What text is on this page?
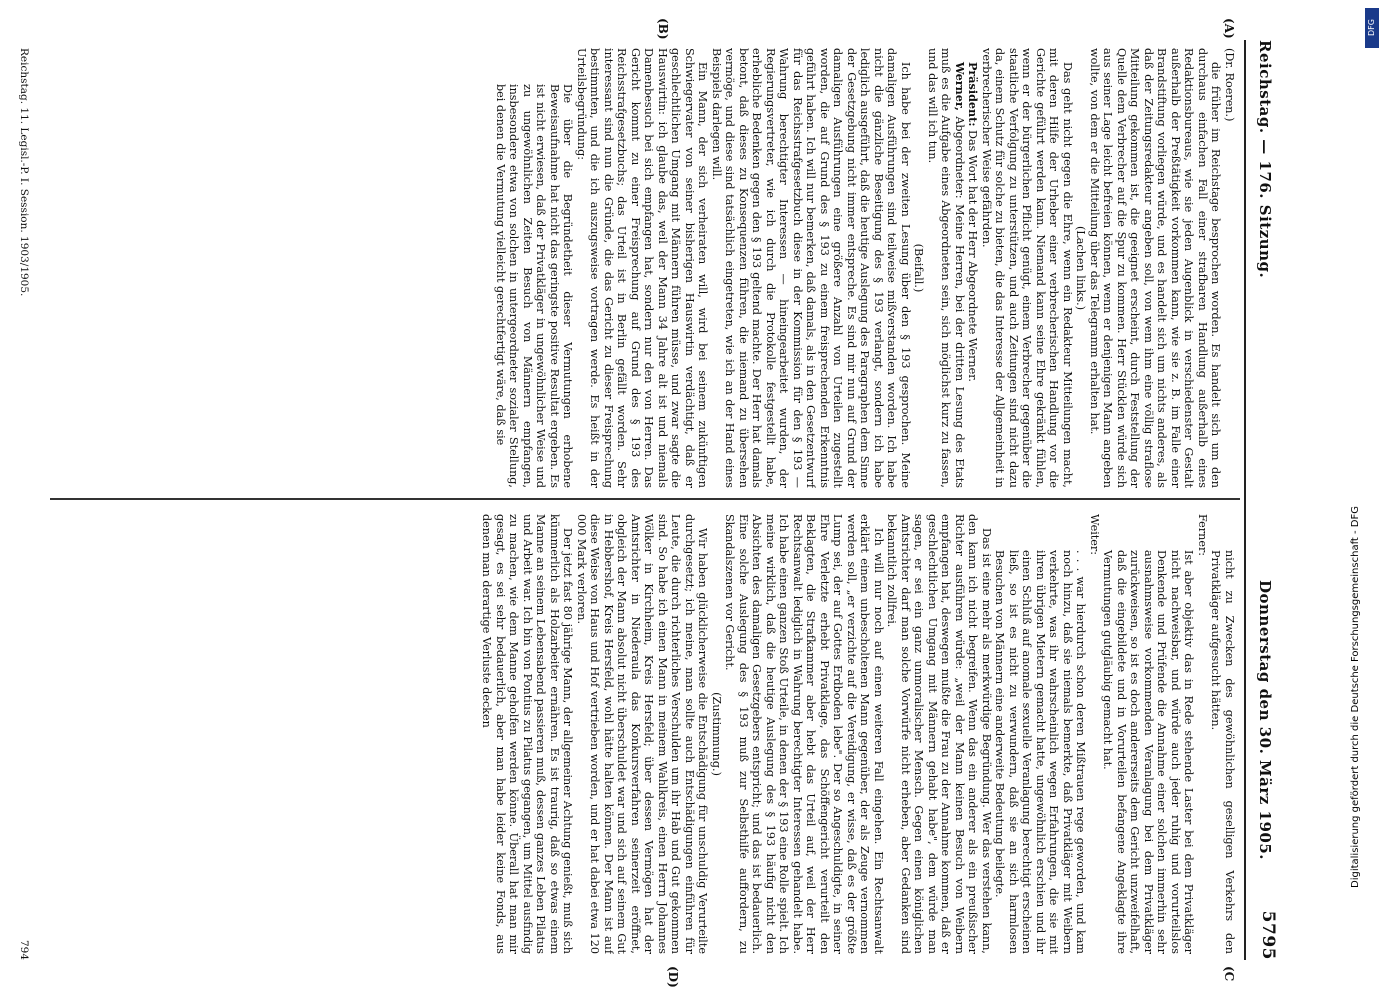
Reichstag. — 176. Sitzung.
Donnerstag den 30. März 1905.
5795
(A)
(B)
(C
(D)

(Dr. Roeren.)

die früher im Reichstage besprochen worden. Es handelt sich um den durchaus einfachen Fall einer strafbaren Handlung außerhalb eines Redaktionsbureaus, wie sie jeden Augenblick in verschiedenster Gestalt außerhalb der Preßtätigkeit vorkommen kann, wie sie z. B. im Falle einer Brandstiftung vorliegen würde, und es handelt sich um nichts anderes, als daß der Zeitungsredakteur angeben soll, von wem ihm eine völlig straflose Mitteilung gekommen ist, die geeignet erscheint, durch Feststellung der Quelle dem Verbrecher auf die Spur zu kommen. Herr Stücklen würde sich aus seiner Lage leicht befreien können, wenn er denjenigen Mann angeben wollte, von dem er die Mitteilung über das Telegramm erhalten hat.

(Lachen links.)

Das geht nicht gegen die Ehre, wenn ein Redakteur Mitteilungen macht, mit deren Hilfe der Urheber einer verbrecherischen Handlung vor die Gerichte geführt werden kann. Niemand kann seine Ehre gekränkt fühlen, wenn er der bürgerlichen Pflicht genügt, einem Verbrecher gegenüber die staatliche Verfolgung zu unterstützen, und auch Zeitungen sind nicht dazu da, einem Schutz für solche zu bieten, die das Interesse der Allgemeinheit in verbrecherischer Weise gefährden.

Präsident: Das Wort hat der Herr Abgeordnete Werner.

Werner, Abgeordneter: Meine Herren, bei der dritten Lesung des Etats muß es die Aufgabe eines Abgeordneten sein, sich möglichst kurz zu fassen, und das will ich tun.

(Beifall.)

Ich habe bei der zweiten Lesung über den § 193 gesprochen. Meine damaligen Ausführungen sind teilweise mißverstanden worden. Ich habe nicht die gänzliche Beseitigung des § 193 verlangt, sondern ich habe lediglich ausgeführt, daß die heutige Auslegung des Paragraphen dem Sinne der Gesetzgebung nicht immer entspreche. Es sind mir nun auf Grund der damaligen Ausführungen eine größere Anzahl von Urteilen zugestellt worden, die auf Grund des § 193 zu einem freisprechenden Erkenntnis geführt haben. Ich will nur bemerken, daß damals, als in den Gesetzentwurf für das Reichsstrafgesetzbuch diese in der Kommission für den § 193 — Wahrung berechtigter Interessen — hineingearbeitet wurden, der Regierungsvertreter, wie ich durch die Protokolle festgestellt habe, erhebliche Bedenken gegen den § 193 geltend machte. Der Herr hat damals betont, daß dieses zu Konsequenzen führen, die niemand zu übersehen vermöge, und diese sind tatsächlich eingetreten, wie ich an der Hand eines Beispiels darlegen will.

Ein Mann, der sich verheiraten will, wird bei seinem zukünftigen Schwiegervater von seiner bisherigen Hauswirtin verdächtigt, daß er geschlechtlichen Umgang mit Männern führen müsse, und zwar sagte die Hauswirtin: ich glaube das, weil der Mann 34 Jahre alt ist und niemals Damenbesuch bei sich empfangen hat, sondern nur den von Herren. Das Gericht kommt zu einer Freisprechung auf Grund des § 193 des Reichsstrafgesetzbuchs; das Urteil ist in Berlin gefällt worden. Sehr interessant sind nun die Gründe, die das Gericht zu dieser Freisprechung bestimmten, und die ich auszugsweise vortragen werde. Es heißt in der Urteilsbegründung:

Die über die Begründetheit dieser Vermutungen erhobene Beweisaufnahme hat nicht das geringste positive Resultat ergeben. Es ist nicht erwiesen, daß der Privatkläger in ungewöhnlicher Weise und zu ungewöhnlichen Zeiten Besuch von Männern empfangen, insbesondere etwa von solchen in untergeordneter sozialer Stellung, bei denen die Vermutung vielleicht gerechtfertigt wäre, daß sie

nicht zu Zwecken des gewöhnlichen geselligen Verkehrs den Privatkläger aufgesucht hätten.

Ferner:

Ist aber objektiv das in Rede stehende Laster bei dem Privatkläger nicht nachweisbar, und würde auch jeder ruhig und vorurteilslos Denkende und Prüfende die Annahme einer solchen immerhin sehr ausnahmsweise vorkommenden Veranlagung bei dem Privatkläger zurückweisen, so ist es doch andererseits dem Gericht unzweifelhaft, daß die eingebildete und in Vorurteilen befangene Angeklagte ihre Vermutungen gutgläubig gemacht hat.

Weiter:

. . . war hierdurch schon deren Mißtrauen rege geworden, und kam noch hinzu, daß sie niemals bemerkte, daß Privatkläger mit Weibern verkehrte, was ihr wahrscheinlich wegen Erfahrungen, die sie mit ihren übrigen Mietern gemacht hatte, ungewöhnlich erschien und ihr einen Schluß auf anomale sexuelle Veranlagung berechtigt erscheinen ließ, so ist es nicht zu verwundern, daß sie an sich harmlosen Besuchen von Männern eine anderweite Bedeutung beilegte.

Das ist eine mehr als merkwürdige Begründung. Wer das verstehen kann, den kann ich nicht begreifen. Wenn das ein anderer als ein preußischer Richter ausführen würde: „weil der Mann keinen Besuch von Weibern empfangen hat, deswegen mußte die Frau zu der Annahme kommen, daß er geschlechtlichen Umgang mit Männern gehabt habe", dem würde man sagen, er sei ein ganz unmoralischer Mensch. Gegen einen königlichen Amtsrichter darf man solche Vorwürfe nicht erheben, aber Gedanken sind bekanntlich zollfrei.

Ich will nur noch auf einen weiteren Fall eingehen. Ein Rechtsanwalt erklärt einem unbescholtenen Mann gegenüber, der als Zeuge vernommen werden soll, „er verzichte auf die Vereidigung, er wisse, daß es der größte Lump sei, der auf Gottes Erdboden lebe". Der so Angeschuldigte, in seiner Ehre Verletzte erhebt Privatklage, das Schöffengericht verurteilt den Beklagten, die Strafkammer aber hebt das Urteil auf, weil der Herr Rechtsanwalt lediglich in Wahrung berechtigter Interessen gehandelt habe. Ich habe einen ganzen Stoß Urteile, in denen der § 193 eine Rolle spielt. Ich meine wirklich, daß die heutige Auslegung des § 193 häufig nicht den Absichten des damaligen Gesetzgebers entspricht; und das ist bedauerlich. Eine solche Auslegung des § 193 muß zur Selbsthilfe auffordern, zu Skandalszenen vor Gericht.

(Zustimmung.)

Wir haben glücklicherweise die Entschädigung für unschuldig Verurteilte durchgesetzt; ich meine, man sollte auch Entschädigungen einführen für Leute, die durch richterliches Verschulden um ihr Hab und Gut gekommen sind. So habe ich einen Mann in meinem Wahlkreis, einen Herrn Johannes Wölker in Kirchheim, Kreis Hersfeld; über dessen Vermögen hat der Amtsrichter in Niederaula das Konkursverfahren seinerzeit eröffnet, obgleich der Mann absolut nicht überschuldet war und sich auf seinem Gut in Hebbershof, Kreis Hersfeld, wohl hätte halten können. Der Mann ist auf diese Weise von Haus und Hof vertrieben worden, und er hat dabei etwa 120 000 Mark verloren.

Der jetzt fast 80 jährige Mann, der allgemeiner Achtung genießt, muß sich kümmerlich als Holzarbeiter ernähren. Es ist traurig, daß so etwas einem Manne an seinem Lebensabend passieren muß, dessen ganzes Leben Pilatus und Arbeit war. Ich bin von Pontius zu Pilatus gegangen, um Mittel ausfindig zu machen, wie dem Manne geholfen werden könne. Überall hat man mir gesagt, es sei sehr bedauerlich, aber man habe leider keine Fonds, aus denen man derartige Verluste decken

Reichstag. 11. Legisl.-P. I. Session. 1903/1905.
794
DFG
Digitalisierung gefördert durch die Deutsche Forschungsgemeinschaft - DFG
